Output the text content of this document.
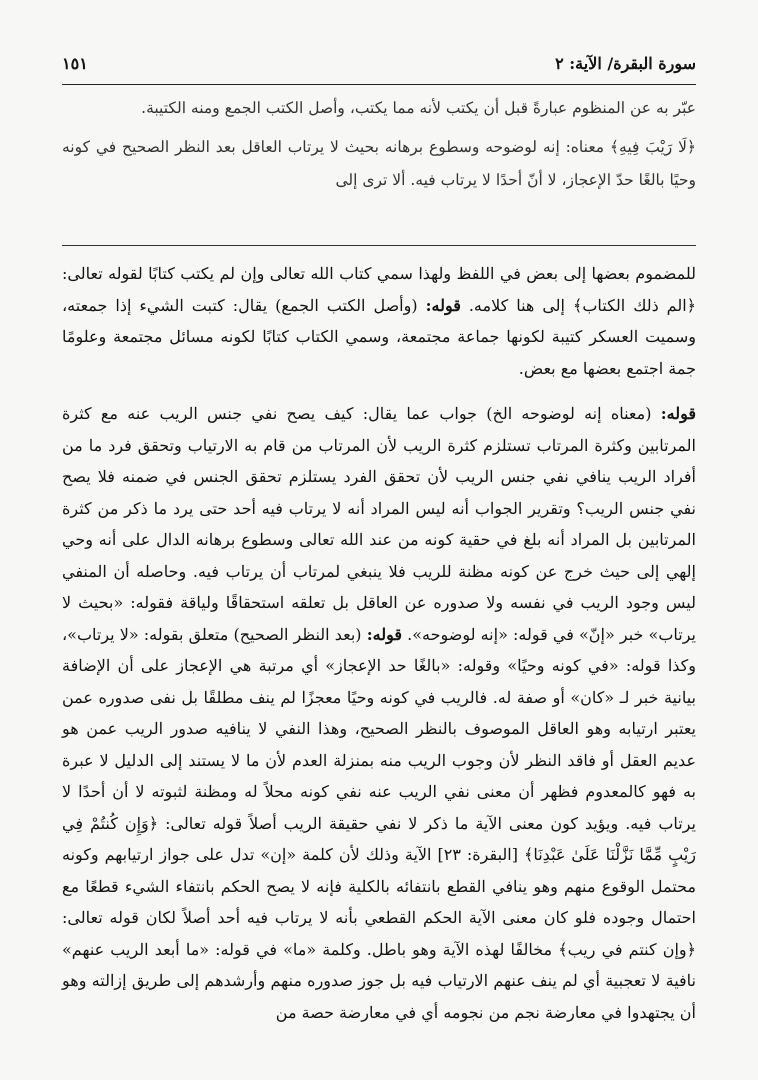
سورة البقرة/ الآية: ٢
١٥١

عبّر به عن المنظوم عبارةً قبل أن يكتب لأنه مما يكتب، وأصل الكتب الجمع ومنه الكتيبة.

﴿لَا رَيْبَ فِيهِ﴾ معناه: إنه لوضوحه وسطوع برهانه بحيث لا يرتاب العاقل بعد النظر الصحيح في كونه وحيًا بالغًا حدّ الإعجاز، لا أنّ أحدًا لا يرتاب فيه. ألا ترى إلى

للمضموم بعضها إلى بعض في اللفظ ولهذا سمي كتاب الله تعالى وإن لم يكتب كتابًا لقوله تعالى: ﴿الم ذلك الكتاب﴾ إلى هنا كلامه. قوله: (وأصل الكتب الجمع) يقال: كتبت الشيء إذا جمعته، وسميت العسكر كتيبة لكونها جماعة مجتمعة، وسمي الكتاب كتابًا لكونه مسائل مجتمعة وعلومًا جمة اجتمع بعضها مع بعض.

قوله: (معناه إنه لوضوحه الخ) جواب عما يقال: كيف يصح نفي جنس الريب عنه مع كثرة المرتابين وكثرة المرتاب تستلزم كثرة الريب لأن المرتاب من قام به الارتياب وتحقق فرد ما من أفراد الريب ينافي نفي جنس الريب لأن تحقق الفرد يستلزم تحقق الجنس في ضمنه فلا يصح نفي جنس الريب؟ وتقرير الجواب أنه ليس المراد أنه لا يرتاب فيه أحد حتى يرد ما ذكر من كثرة المرتابين بل المراد أنه بلغ في حقية كونه من عند الله تعالى وسطوع برهانه الدال على أنه وحي إلهي إلى حيث خرج عن كونه مظنة للريب فلا ينبغي لمرتاب أن يرتاب فيه. وحاصله أن المنفي ليس وجود الريب في نفسه ولا صدوره عن العاقل بل تعلقه استحقاقًا ولياقة فقوله: «بحيث لا يرتاب» خبر «إنّ» في قوله: «إنه لوضوحه». قوله: (بعد النظر الصحيح) متعلق بقوله: «لا يرتاب»، وكذا قوله: «في كونه وحيًا» وقوله: «بالغًا حد الإعجاز» أي مرتبة هي الإعجاز على أن الإضافة بيانية خبر لـ «كان» أو صفة له. فالريب في كونه وحيًا معجزًا لم ينف مطلقًا بل نفى صدوره عمن يعتبر ارتيابه وهو العاقل الموصوف بالنظر الصحيح، وهذا النفي لا ينافيه صدور الريب عمن هو عديم العقل أو فاقد النظر لأن وجوب الريب منه بمنزلة العدم لأن ما لا يستند إلى الدليل لا عبرة به فهو كالمعدوم فظهر أن معنى نفي الريب عنه نفي كونه محلاً له ومظنة لثبوته لا أن أحدًا لا يرتاب فيه. ويؤيد كون معنى الآية ما ذكر لا نفي حقيقة الريب أصلاً قوله تعالى: ﴿وَإِن كُنتُمْ فِي رَيْبٍ مِّمَّا نَزَّلْنَا عَلَىٰ عَبْدِنَا﴾ [البقرة: ٢٣] الآية وذلك لأن كلمة «إن» تدل على جواز ارتيابهم وكونه محتمل الوقوع منهم وهو ينافي القطع بانتفائه بالكلية فإنه لا يصح الحكم بانتفاء الشيء قطعًا مع احتمال وجوده فلو كان معنى الآية الحكم القطعي بأنه لا يرتاب فيه أحد أصلاً لكان قوله تعالى: ﴿وإن كنتم في ريب﴾ مخالفًا لهذه الآية وهو باطل. وكلمة «ما» في قوله: «ما أبعد الريب عنهم» نافية لا تعجبية أي لم ينف عنهم الارتياب فيه بل جوز صدوره منهم وأرشدهم إلى طريق إزالته وهو أن يجتهدوا في معارضة نجم من نجومه أي في معارضة حصة من
